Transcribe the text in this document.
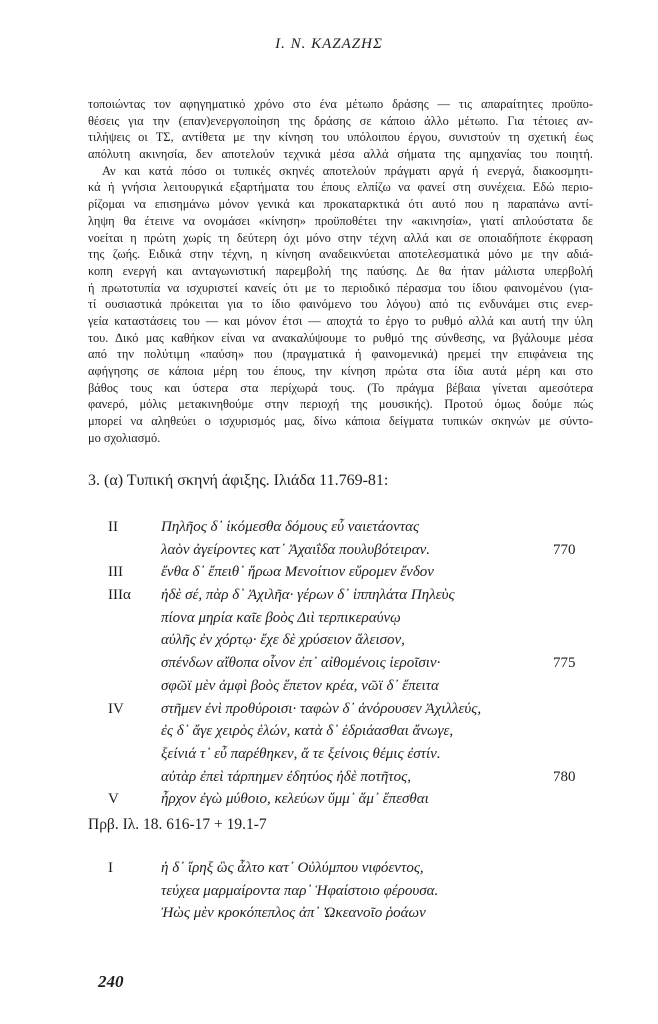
Ι. Ν. ΚΑΖΑΖΗΣ
τοποιώντας τον αφηγηματικό χρόνο στο ένα μέτωπο δράσης — τις απαραίτητες προϋπο-
θέσεις για την (επαν)ενεργοποίηση της δράσης σε κάποιο άλλο μέτωπο. Για τέτοιες αν-
τιλήψεις οι ΤΣ, αντίθετα με την κίνηση του υπόλοιπου έργου, συνιστούν τη σχετική έως
απόλυτη ακινησία, δεν αποτελούν τεχνικά μέσα αλλά σήματα της αμηχανίας του ποιητή.
Αν και κατά πόσο οι τυπικές σκηνές αποτελούν πράγματι αργά ή ενεργά, διακοσμητι-
κά ή γνήσια λειτουργικά εξαρτήματα του έπους ελπίζω να φανεί στη συνέχεια. Εδώ περιο-
ρίζομαι να επισημάνω μόνον γενικά και προκαταρκτικά ότι αυτό που η παραπάνω αντί-
ληψη θα έτεινε να ονομάσει «κίνηση» προϋποθέτει την «ακινησία», γιατί απλούστατα δε
νοείται η πρώτη χωρίς τη δεύτερη όχι μόνο στην τέχνη αλλά και σε οποιαδήποτε έκφραση
της ζωής. Ειδικά στην τέχνη, η κίνηση αναδεικνύεται αποτελεσματικά μόνο με την αδιά-
κοπη ενεργή και ανταγωνιστική παρεμβολή της παύσης. Δε θα ήταν μάλιστα υπερβολή
ή πρωτοτυπία να ισχυριστεί κανείς ότι με το περιοδικό πέρασμα του ίδιου φαινομένου (για-
τί ουσιαστικά πρόκειται για το ίδιο φαινόμενο του λόγου) από τις ενδυνάμει στις ενερ-
γεία καταστάσεις του — και μόνον έτσι — αποχτά το έργο το ρυθμό αλλά και αυτή την ύλη
του. Δικό μας καθήκον είναι να ανακαλύψουμε το ρυθμό της σύνθεσης, να βγάλουμε μέσα
από την πολύτιμη «παύση» που (πραγματικά ή φαινομενικά) ηρεμεί την επιφάνεια της
αφήγησης σε κάποια μέρη του έπους, την κίνηση πρώτα στα ίδια αυτά μέρη και στο
βάθος τους και ύστερα στα περίχωρά τους. (Το πράγμα βέβαια γίνεται αμεσότερα
φανερό, μόλις μετακινηθούμε στην περιοχή της μουσικής). Προτού όμως δούμε πώς
μπορεί να αληθεύει ο ισχυρισμός μας, δίνω κάποια δείγματα τυπικών σκηνών με σύντο-
μο σχολιασμό.
3. (α) Τυπική σκηνή άφιξης. Ιλιάδα 11.769-81:
II	Πηλῆος δ᾽ ἱκόμεσθα δόμους εὖ ναιετάοντας
λαὸν ἀγείροντες κατ᾽ Ἀχαιΐδα πουλυβότειραν.	770
III	ἔνθα δ᾽ ἔπειθ᾽ ἥρωα Μενοίτιον εὕρομεν ἔνδον
IIIα ἠδὲ σέ, πὰρ δ᾽ Ἀχιλῆα· γέρων δ᾽ ἱππηλάτα Πηλεὺς
πίονα μηρία καῖε βοὸς Διὶ τερπικεραύνῳ
αὐλῆς ἐν χόρτῳ· ἔχε δὲ χρύσειον ἄλεισον,
σπένδων αἴθοπα οἶνον ἐπ᾽ αἰθομένοις ἱεροῖσιν·	775
σφῶϊ μὲν ἀμφὶ βοὸς ἕπετον κρέα, νῶϊ δ᾽ ἔπειτα
IV στῆμεν ἐνὶ προθύροισι· ταφὼν δ᾽ ἀνόρουσεν Ἀχιλλεύς,
ἐς δ᾽ ἄγε χειρὸς ἑλών, κατὰ δ᾽ ἑδριάασθαι ἄνωγε,
ξείνιά τ᾽ εὖ παρέθηκεν, ἅ τε ξείνοις θέμις ἐστίν.
αὐτὰρ ἐπεὶ τάρπημεν ἐδητύος ἠδὲ ποτῆτος,	780
V	ἦρχον ἐγὼ μύθοιο, κελεύων ὔμμ᾽ ἅμ᾽ ἕπεσθαι
Πρβ. Ιλ. 18. 616-17 + 19.1-7
I	ἡ δ᾽ ἴρηξ ὣς ἆλτο κατ᾽ Οὐλύμπου νιφόεντος,
τεύχεα μαρμαίροντα παρ᾽ Ἡφαίστοιο φέρουσα.
Ἠὼς μὲν κροκόπεπλος ἀπ᾽ Ὠκεανοῖο ῥοάων
240
